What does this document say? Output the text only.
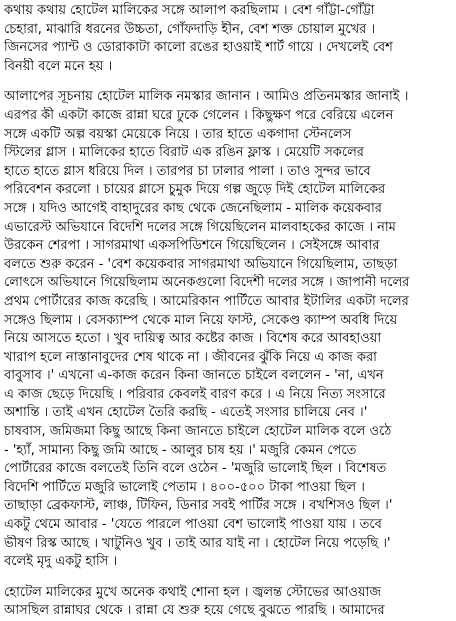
কথায় কথায় হোটেল মালিকের সঙ্গে আলাপ করছিলাম । বেশ গাঁট্টা-গোঁট্টা
চেহারা, মাঝারি ধরনের উচ্চতা, গোঁফদাড়ি হীন, বেশ শক্ত চোয়াল মুখের ।
জিনসের প্যান্ট ও ডোরাকাটা কালো রঙের হাওয়াই শার্ট গায়ে । দেখলেই বেশ
বিনয়ী বলে মনে হয় ।
আলাপের সূচনায় হোটেল মালিক নমস্কার জানান । আমিও প্রতিনমস্কার জানাই ।
এরপর কী একটা কাজে রান্না ঘরে ঢুকে গেলেন । কিছুক্ষণ পরে বেরিয়ে এলেন
সঙ্গে একটি অল্প বয়স্কা মেয়েকে নিয়ে । তার হাতে একগাদা স্টেনলেস
স্টিলের গ্লাস । মালিকের হাতে বিরাট এক রঙিন ফ্লাস্ক । মেয়েটি সকলের
হাতে হাতে গ্লাস ধরিয়ে দিল । তারপর চা ঢালার পালা । তাও সুন্দর ভাবে
পরিবেশন করলো । চায়ের গ্লাসে চুমুক দিয়ে গল্প জুড়ে দিই হোটেল মালিকের
সঙ্গে । যদিও আগেই বাহাদুরের কাছ থেকে জেনেছিলাম - মালিক কয়েকবার
এভারেস্ট অভিযানে বিদেশি দলের সঙ্গে গিয়েছিলেন মালবাহকের কাজে । নাম
উরকেন শেরপা । সাগরমাথা একসপিডিশনে গিয়েছিলেন । সেইসঙ্গে আবার
বলতে শুরু করেন - 'বেশ কয়েকবার সাগরমাথা অভিযানে গিয়েছিলাম, তাছড়া
লোৎসে অভিযানে গিয়েছিলাম অনেকগুলো বিদেশী দলের সঙ্গে । জাপানী দলের
প্রথম পোর্টারের কাজ করেছি । আমেরিকান পার্টিতে আবার ইটালির একটা দলের
সঙ্গেও ছিলাম । বেসক্যাম্প থেকে মাল নিয়ে ফাস্ট, সেকেণ্ড ক্যাম্প অবধি দিয়ে
নিয়ে আসতে হতো । খুব দায়িত্ব আর কষ্টের কাজ । বিশেষ করে আবহাওয়া
খারাপ হলে নাস্তানাবুদের শেষ থাকে না । জীবনের ঝুঁকি নিয়ে এ কাজ করা
বাবুসাব ।' এখনো এ-কাজ করেন কিনা জানতে চাইলে বললেন - 'না, এখন
এ কাজ ছেড়ে দিয়েছি । পরিবার কেবলই বারণ করে । এ নিয়ে নিত্য সংসারে
অশান্তি । তাই এখন হোটেল তৈরি করছি - এতেই সংসার চালিয়ে নেব ।'
চাষবাস, জমিজমা কিছু আছে কিনা জানতে চাইলে হোটেল মালিক বলে ওঠে
- 'হ্যাঁ, সামান্য কিছু জমি আছে - আলুর চাষ হয় ।' মজুরি কেমন পেতে
পোর্টারের কাজে বলতেই তিনি বলে ওঠেন - 'মজুরি ভালোই ছিল । বিশেষত
বিদেশি পার্টিতে মজুরি ভালোই পেতাম । ৪০০-৫০০ টাকা পাওয়া ছিল ।
তাছাড়া ব্রেকফাস্ট, লাঞ্চ, টিফিন, ডিনার সবই পার্টির সঙ্গে । বখশিসও ছিল ।'
একটু থেমে আবার - 'যেতে পারলে পাওয়া বেশ ভালোই পাওয়া যায় । তবে
ভীষণ রিস্ক আছে । খাটুনিও খুব । তাই আর যাই না । হোটেল নিয়ে পড়েছি ।'
বলেই মৃদু একটু হাসি ।
হোটেল মালিকের মুখে অনেক কথাই শোনা হল । জ্বলন্ত স্টোভের আওয়াজ
আসছিল রান্নাঘর থেকে । রান্না যে শুরু হয়ে গেছে বুঝতে পারছি । আমাদের
